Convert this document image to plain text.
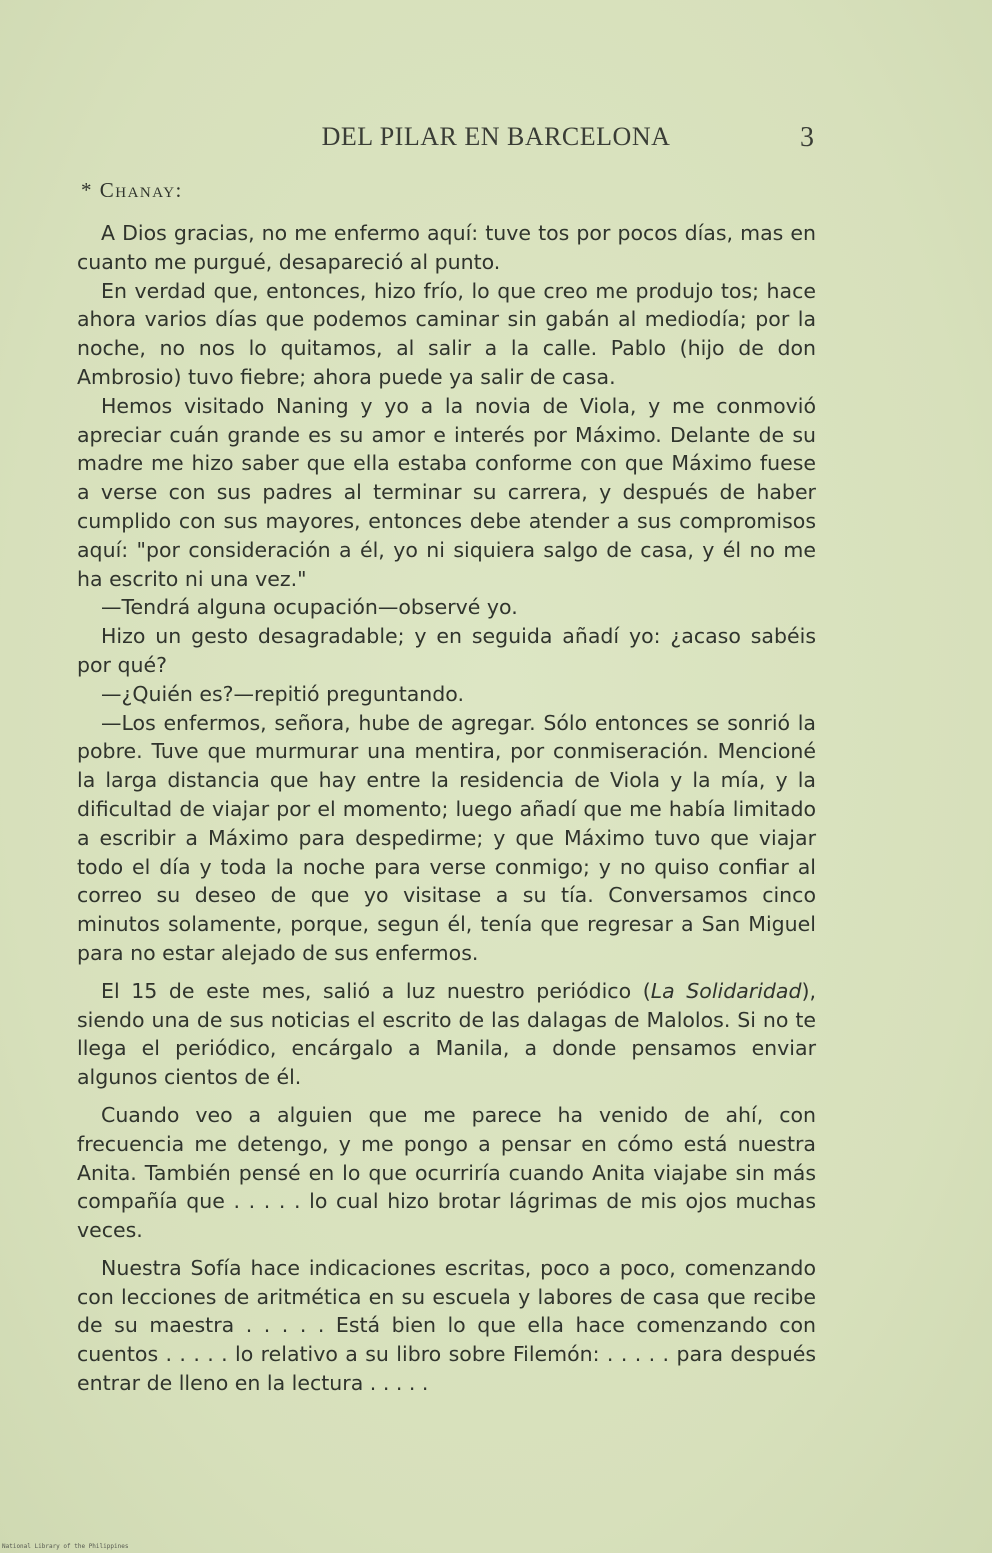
DEL PILAR EN BARCELONA	3
* Chanay:

A Dios gracias, no me enfermo aquí: tuve tos por pocos días, mas en cuanto me purgué, desapareció al punto.

En verdad que, entonces, hizo frío, lo que creo me produjo tos; hace ahora varios días que podemos caminar sin gabán al mediodía; por la noche, no nos lo quitamos, al salir a la calle. Pablo (hijo de don Ambrosio) tuvo fiebre; ahora puede ya salir de casa.

Hemos visitado Naning y yo a la novia de Viola, y me conmovió apreciar cuán grande es su amor e interés por Máximo. Delante de su madre me hizo saber que ella estaba conforme con que Máximo fuese a verse con sus padres al terminar su carrera, y después de haber cumplido con sus mayores, entonces debe atender a sus compromisos aquí: "por consideración a él, yo ni siquiera salgo de casa, y él no me ha escrito ni una vez."

—Tendrá alguna ocupación—observé yo.

Hizo un gesto desagradable; y en seguida añadí yo: ¿acaso sabéis por qué?

—¿Quién es?—repitió preguntando.

—Los enfermos, señora, hube de agregar. Sólo entonces se sonrió la pobre. Tuve que murmurar una mentira, por conmiseración. Mencioné la larga distancia que hay entre la residencia de Viola y la mía, y la dificultad de viajar por el momento; luego añadí que me había limitado a escribir a Máximo para despedirme; y que Máximo tuvo que viajar todo el día y toda la noche para verse conmigo; y no quiso confiar al correo su deseo de que yo visitase a su tía. Conversamos cinco minutos solamente, porque, segun él, tenía que regresar a San Miguel para no estar alejado de sus enfermos.

El 15 de este mes, salió a luz nuestro periódico (La Solidaridad), siendo una de sus noticias el escrito de las dalagas de Malolos. Si no te llega el periódico, encárgalo a Manila, a donde pensamos enviar algunos cientos de él.

Cuando veo a alguien que me parece ha venido de ahí, con frecuencia me detengo, y me pongo a pensar en cómo está nuestra Anita. También pensé en lo que ocurriría cuando Anita viajabe sin más compañía que . . . . . lo cual hizo brotar lágrimas de mis ojos muchas veces.

Nuestra Sofía hace indicaciones escritas, poco a poco, comenzando con lecciones de aritmética en su escuela y labores de casa que recibe de su maestra . . . . . Está bien lo que ella hace comenzando con cuentos . . . . . lo relativo a su libro sobre Filemón: . . . . . para después entrar de lleno en la lectura . . . . .

National Library of the Philippines
